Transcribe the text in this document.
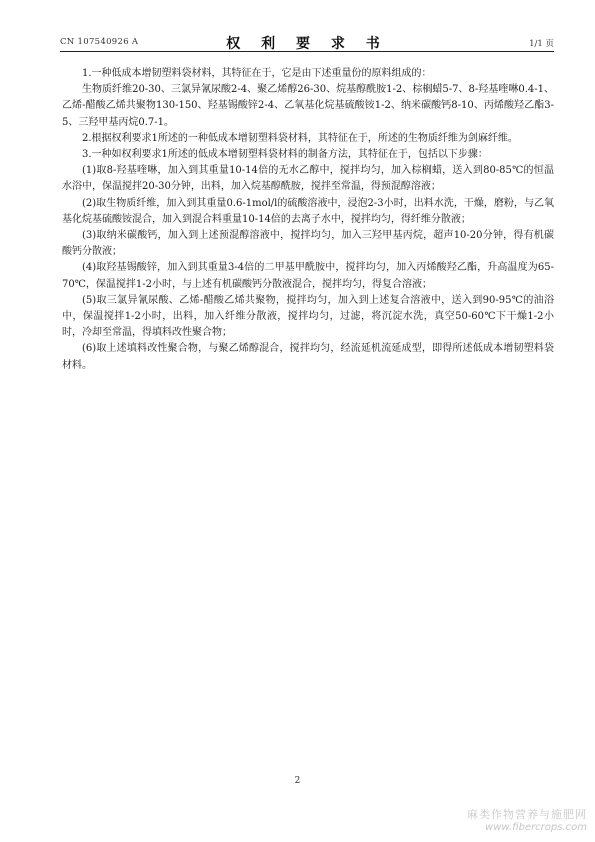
CN 107540926 A	权 利 要 求 书	1/1 页

1.一种低成本增韧塑料袋材料，其特征在于，它是由下述重量份的原料组成的：

生物质纤维20-30、三氯异氰尿酸2-4、聚乙烯醇26-30、烷基醇酰胺1-2、棕榈蜡5-7、8-羟基喹啉0.4-1、乙烯-醋酸乙烯共聚物130-150、羟基锡酸锌2-4、乙氧基化烷基硫酸铵1-2、纳米碳酸钙8-10、丙烯酸羟乙酯3-5、三羟甲基丙烷0.7-1。

2.根据权利要求1所述的一种低成本增韧塑料袋材料，其特征在于，所述的生物质纤维为剑麻纤维。

3.一种如权利要求1所述的低成本增韧塑料袋材料的制备方法，其特征在于，包括以下步骤：

(1)取8-羟基喹啉，加入到其重量10-14倍的无水乙醇中，搅拌均匀，加入棕榈蜡，送入到80-85℃的恒温水浴中，保温搅拌20-30分钟，出料，加入烷基醇酰胺，搅拌至常温，得预混醇溶液；

(2)取生物质纤维，加入到其重量0.6-1mol/l的硫酸溶液中，浸泡2-3小时，出料水洗，干燥，磨粉，与乙氧基化烷基硫酸铵混合，加入到混合料重量10-14倍的去离子水中，搅拌均匀，得纤维分散液；

(3)取纳米碳酸钙，加入到上述预混醇溶液中，搅拌均匀，加入三羟甲基丙烷，超声10-20分钟，得有机碳酸钙分散液；

(4)取羟基锡酸锌，加入到其重量3-4倍的二甲基甲酰胺中，搅拌均匀，加入丙烯酸羟乙酯，升高温度为65-70℃，保温搅拌1-2小时，与上述有机碳酸钙分散液混合，搅拌均匀，得复合溶液；

(5)取三氯异氰尿酸、乙烯-醋酸乙烯共聚物，搅拌均匀，加入到上述复合溶液中，送入到90-95℃的油浴中，保温搅拌1-2小时，出料，加入纤维分散液，搅拌均匀，过滤，将沉淀水洗，真空50-60℃下干燥1-2小时，冷却至常温，得填料改性聚合物；

(6)取上述填料改性聚合物，与聚乙烯醇混合，搅拌均匀，经流延机流延成型，即得所述低成本增韧塑料袋材料。

2
麻类作物营养与施肥网
www.fibercrops.com
